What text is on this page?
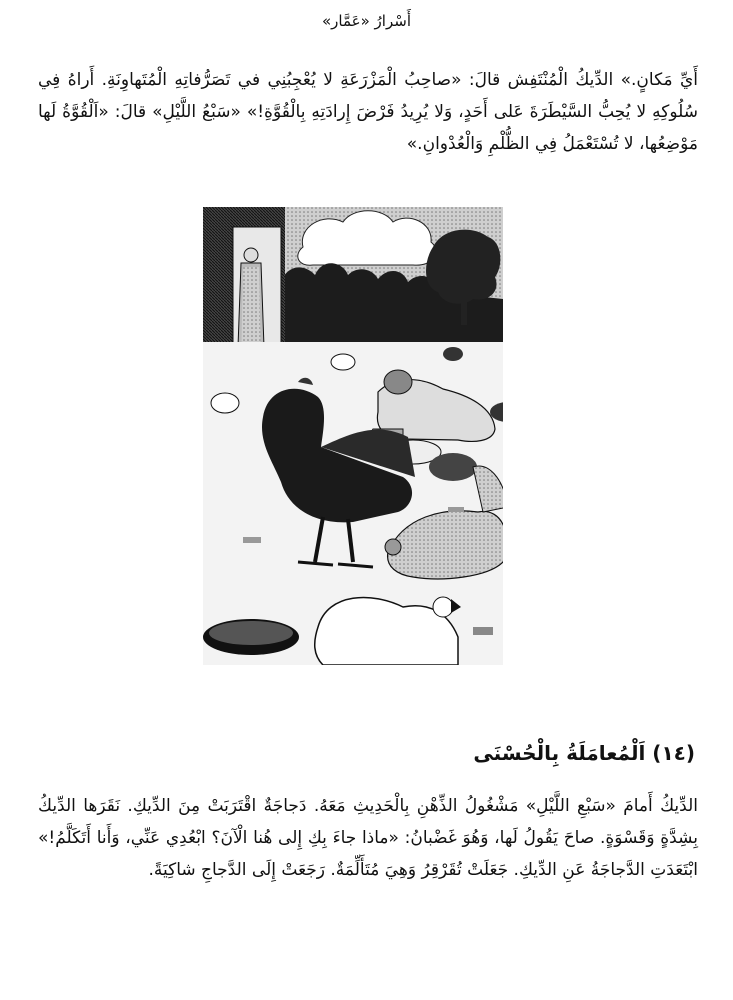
أَسْرارُ «عَمَّار»

أَيِّ مَكانٍ.» الدِّيكُ الْمُنْتَفِش قالَ: «صاحِبُ الْمَزْرَعَةِ لا يُعْجِبُنِي في تَصَرُّفاتِهِ الْمُتَهاوِنَةِ. أَراهُ فِي سُلُوكِهِ لا يُحِبُّ السَّيْطَرَةَ عَلى أَحَدٍ، وَلا يُرِيدُ فَرْضَ إِرادَتِهِ بِالْقُوَّةِ!» «سَبْعُ اللَّيْلِ» قالَ: «اَلْقُوَّةُ لَها مَوْضِعُها، لا تُسْتَعْمَلُ فِي الظُّلْمِ وَالْعُدْوانِ.»

(١٤) اَلْمُعامَلَةُ بِالْحُسْنَى

الدِّيكُ أَمامَ «سَبْعِ اللَّيْلِ» مَشْغُولُ الذِّهْنِ بِالْحَدِيثِ مَعَهُ. دَجاجَةٌ اقْتَرَبَتْ مِنَ الدِّيكِ. نَقَرَها الدِّيكُ بِشِدَّةٍ وَقَسْوَةٍ. صاحَ يَقُولُ لَها، وَهُوَ غَضْبانُ: «ماذا جاءَ بِكِ إِلى هُنا الْآنَ؟ ابْعُدِي عَنِّي، وَأَنا أَتَكَلَّمُ!» ابْتَعَدَتِ الدَّجاجَةُ عَنِ الدِّيكِ. جَعَلَتْ تُقَرْقِرُ وَهِيَ مُتَأَلِّمَةٌ. رَجَعَتْ إِلَى الدَّجاجِ شاكِيَةً.
